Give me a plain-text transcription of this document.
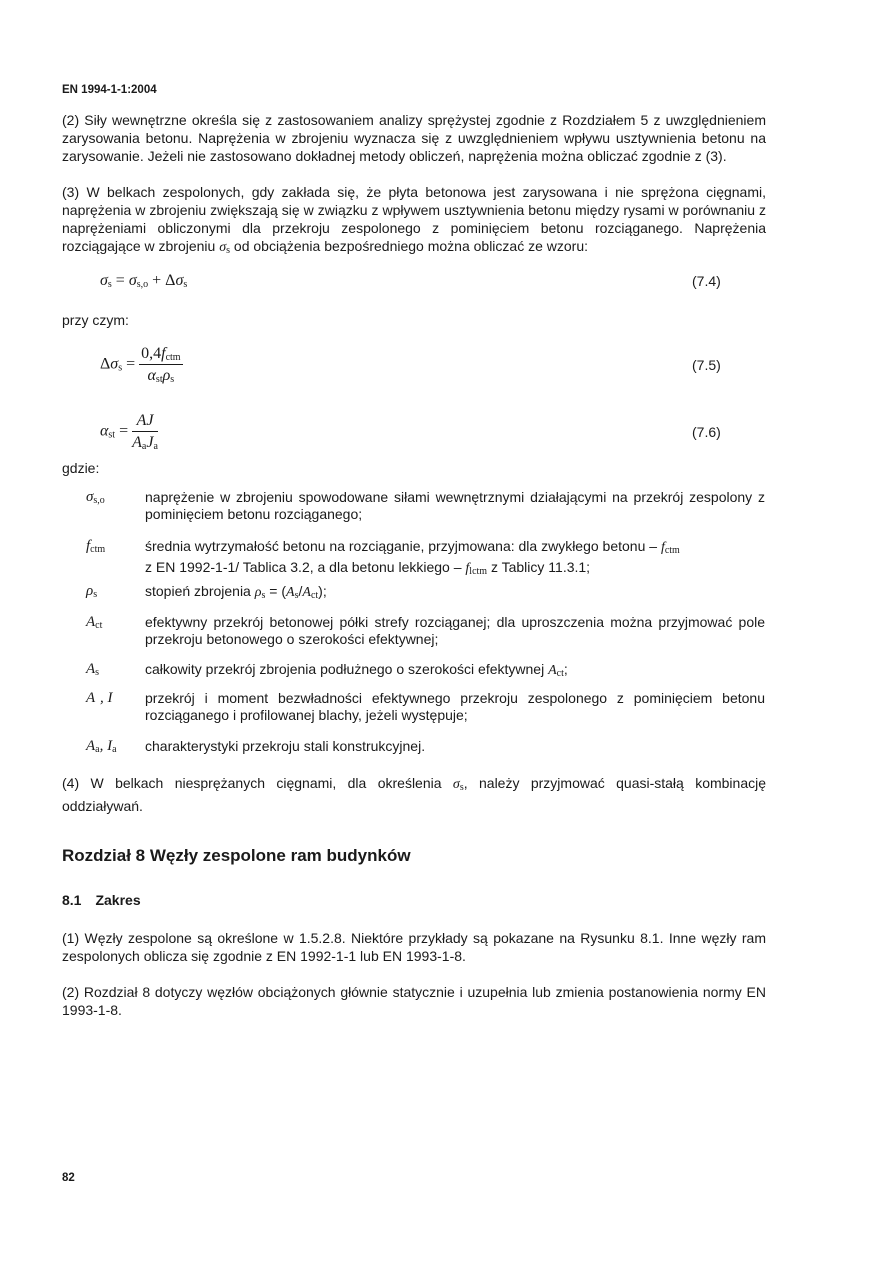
EN 1994-1-1:2004
(2) Siły wewnętrzne określa się z zastosowaniem analizy sprężystej zgodnie z Rozdziałem 5 z uwzględnieniem zarysowania betonu. Naprężenia w zbrojeniu wyznacza się z uwzględnieniem wpływu usztywnienia betonu na zarysowanie. Jeżeli nie zastosowano dokładnej metody obliczeń, naprężenia można obliczać zgodnie z (3).
(3) W belkach zespolonych, gdy zakłada się, że płyta betonowa jest zarysowana i nie sprężona cięgnami, naprężenia w zbrojeniu zwiększają się w związku z wpływem usztywnienia betonu między rysami w porównaniu z naprężeniami obliczonymi dla przekroju zespolonego z pominięciem betonu rozciąganego. Naprężenia rozciągające w zbrojeniu σs od obciążenia bezpośredniego można obliczać ze wzoru:
σs = σs,o + Δσs	(7.4)
przy czym:
$\Delta\sigma s = \frac{\text{0,4fctm}}{\text{αstρs}}$	(7.5)
$\alpha st = \frac{AJ}{\text{AaJa}}$	(7.6)
gdzie:
σs,o	naprężenie w zbrojeniu spowodowane siłami wewnętrznymi działającymi na przekrój zespolony z pominięciem betonu rozciąganego;
fctm	średnia wytrzymałość betonu na rozciąganie, przyjmowana: dla zwykłego betonu – fctm
z EN 1992-1-1/ Tablica 3.2, a dla betonu lekkiego – flctm z Tablicy 11.3.1;
ρs	stopień zbrojenia ρs = (As/Act);
Act	efektywny przekrój betonowej półki strefy rozciąganej; dla uproszczenia można przyjmować pole przekroju betonowego o szerokości efektywnej;
As	całkowity przekrój zbrojenia podłużnego o szerokości efektywnej Act;
A , I przekrój i moment bezwładności efektywnego przekroju zespolonego z pominięciem betonu rozciąganego i profilowanej blachy, jeżeli występuje;
Aa, Ia charakterystyki przekroju stali konstrukcyjnej.
(4) W belkach niesprężanych cięgnami, dla określenia σs, należy przyjmować quasi-stałą kombinację oddziaływań.
Rozdział 8 Węzły zespolone ram budynków
8.1 Zakres
(1) Węzły zespolone są określone w 1.5.2.8. Niektóre przykłady są pokazane na Rysunku 8.1. Inne węzły ram zespolonych oblicza się zgodnie z EN 1992-1-1 lub EN 1993-1-8.
(2) Rozdział 8 dotyczy węzłów obciążonych głównie statycznie i uzupełnia lub zmienia postanowienia normy EN 1993-1-8.
82
